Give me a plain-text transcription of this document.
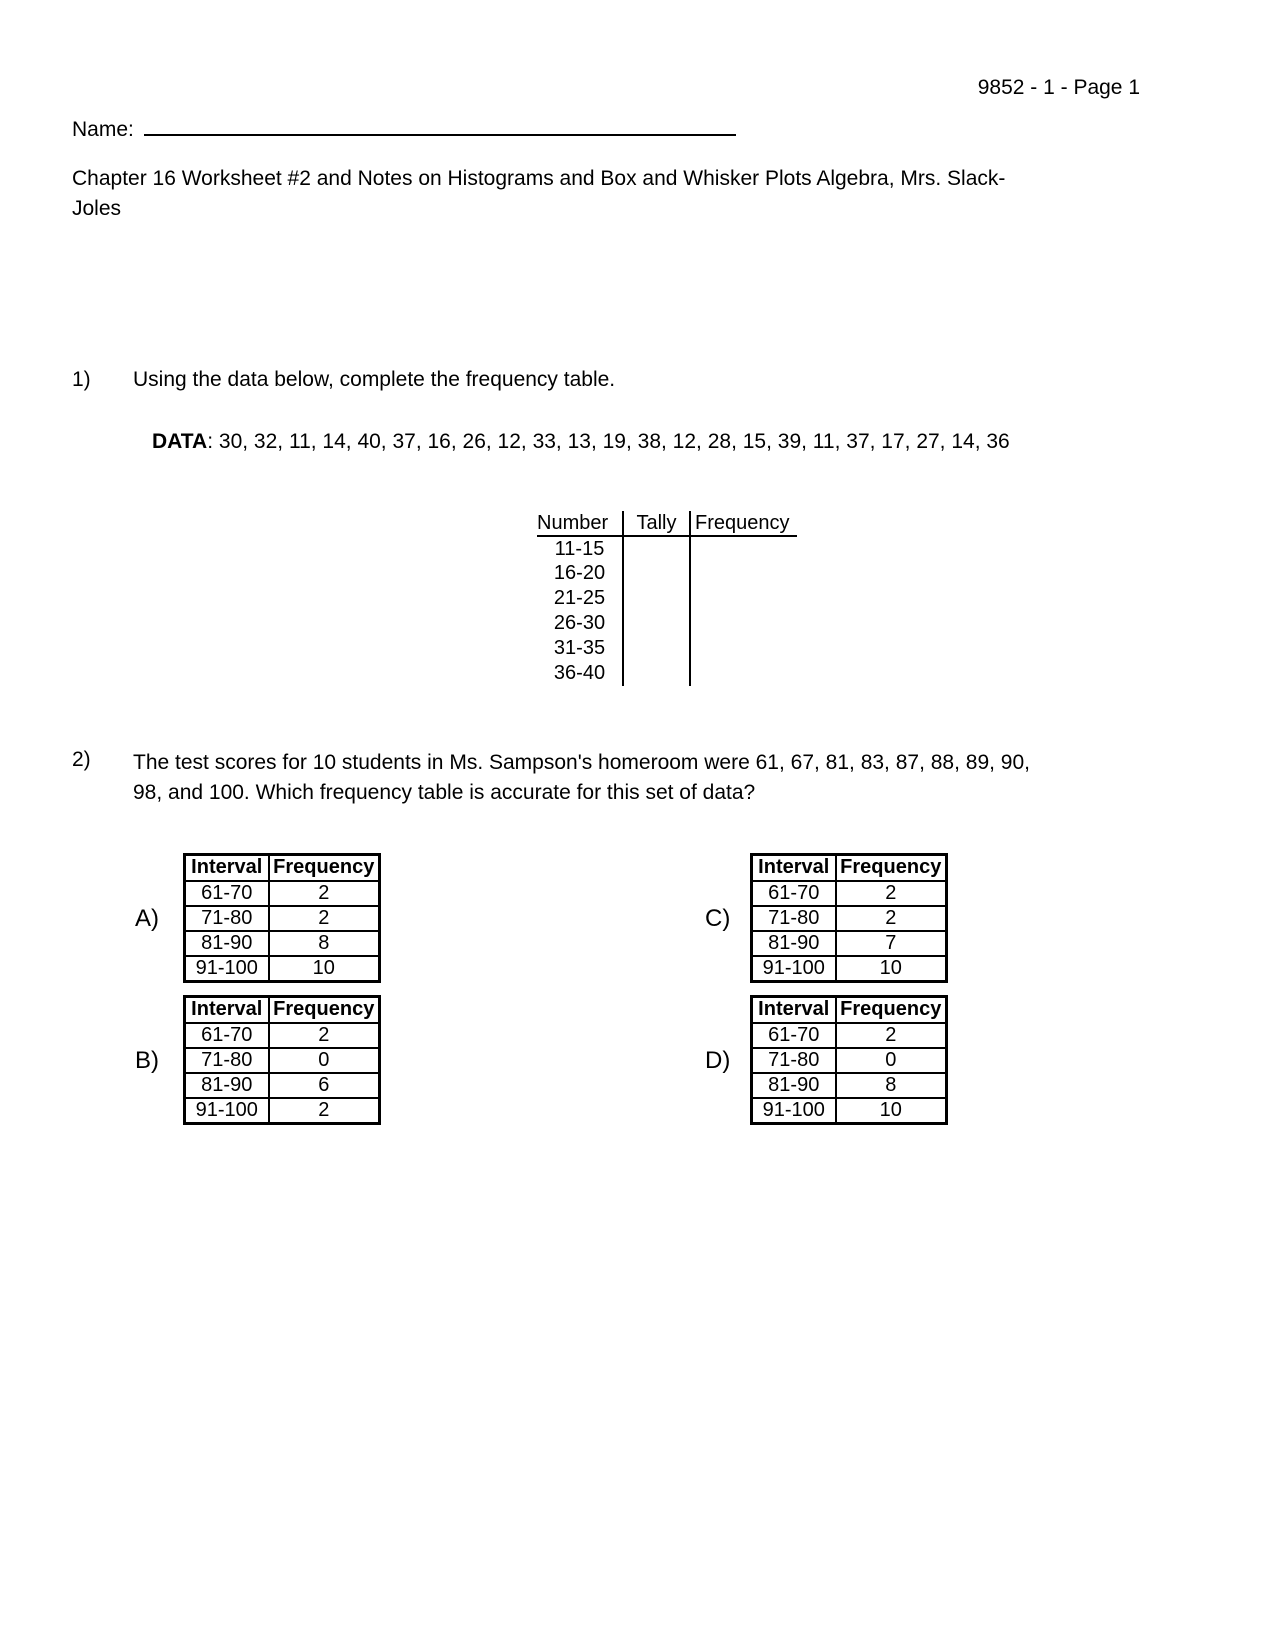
9852 - 1 - Page 1
Name:
Chapter 16 Worksheet #2 and Notes on Histograms and Box and Whisker Plots Algebra, Mrs. Slack-
Joles
1) Using the data below, complete the frequency table.
DATA: 30, 32, 11, 14, 40, 37, 16, 26, 12, 33, 13, 19, 38, 12, 28, 15, 39, 11, 37, 17, 27, 14, 36
Number	Tally	Frequency
11-15		
16-20		
21-25		
26-30		
31-35		
36-40		
2) The test scores for 10 students in Ms. Sampson's homeroom were 61, 67, 81, 83, 87, 88, 89, 90,
98, and 100. Which frequency table is accurate for this set of data?
A)
Interval	Frequency
61-70	2
71-80	2
81-90	8
91-100	10
B)
Interval	Frequency
61-70	2
71-80	0
81-90	6
91-100	2
C)
Interval	Frequency
61-70	2
71-80	2
81-90	7
91-100	10
D)
Interval	Frequency
61-70	2
71-80	0
81-90	8
91-100	10
